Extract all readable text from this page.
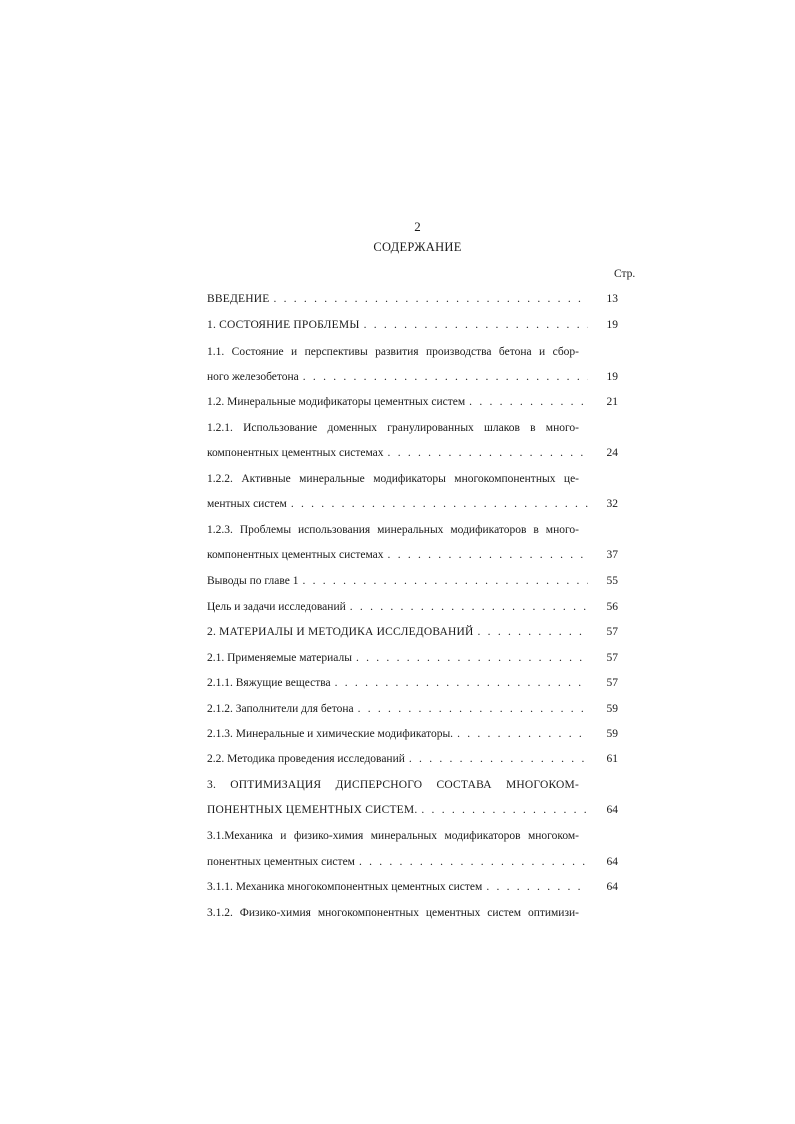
2
СОДЕРЖАНИЕ
Стр.
ВВЕДЕНИЕ . . .	13
1. СОСТОЯНИЕ ПРОБЛЕМЫ . . .	19
1.1. Состояние и перспективы развития производства бетона и сбор-
ного железобетона . . .	19
1.2. Минеральные модификаторы цементных систем . . .	21
1.2.1. Использование доменных гранулированных шлаков в много-
компонентных цементных системах . . .	24
1.2.2. Активные минеральные модификаторы многокомпонентных це-
ментных систем . . .	32
1.2.3. Проблемы использования минеральных модификаторов в много-
компонентных цементных системах . . .	37
Выводы по главе 1 . . .	55
Цель и задачи исследований . . .	56
2. МАТЕРИАЛЫ И МЕТОДИКА ИССЛЕДОВАНИЙ . . .	57
2.1. Применяемые материалы . . .	57
2.1.1. Вяжущие вещества . . .	57
2.1.2. Заполнители для бетона . . .	59
2.1.3. Минеральные и химические модификаторы. . . .	59
2.2. Методика проведения исследований . . .	61
3. ОПТИМИЗАЦИЯ ДИСПЕРСНОГО СОСТАВА МНОГОКОМ-
ПОНЕНТНЫХ ЦЕМЕНТНЫХ СИСТЕМ. . . .	64
3.1.Механика и физико-химия минеральных модификаторов многоком-
понентных цементных систем . . .	64
3.1.1. Механика многокомпонентных цементных систем . . .	64
3.1.2. Физико-химия многокомпонентных цементных систем оптимизи-
